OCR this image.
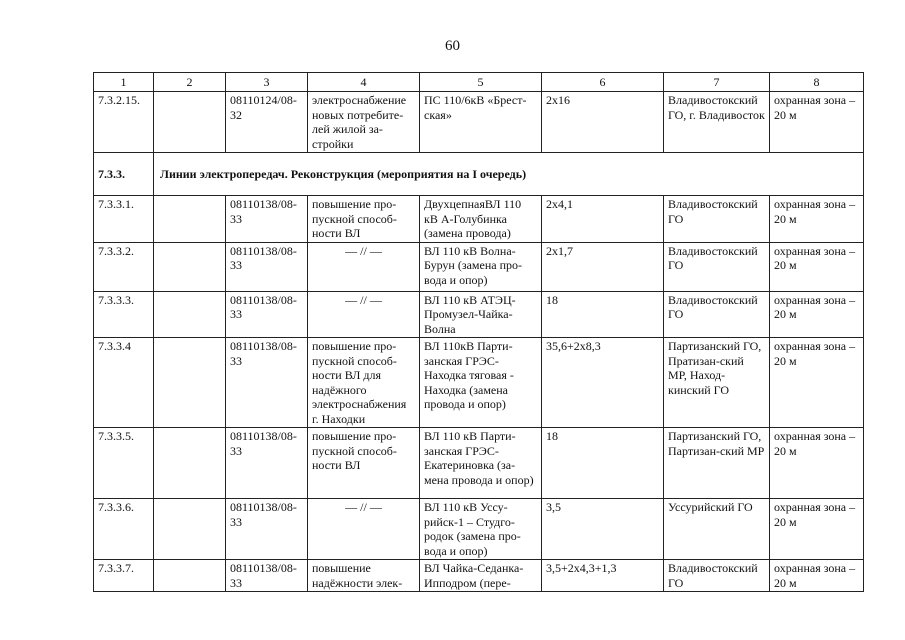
60
1	2	3	4	5	6	7	8
7.3.2.15.		08110124/08-32	электроснабжение новых потребите-лей жилой за-стройки	ПС 110/6кВ «Брест-ская»	2x16	Владивостокский ГО, г. Владивосток	охранная зона – 20 м
7.3.3.	Линии электропередач. Реконструкция (мероприятия на I очередь)						
7.3.3.1.		08110138/08-33	повышение про-пускной способ-ности ВЛ	ДвухцепнаяВЛ 110 кВ А-Голубинка (замена провода)	2x4,1	Владивостокский ГО	охранная зона – 20 м
7.3.3.2.		08110138/08-33	— // —	ВЛ 110 кВ Волна-Бурун (замена про-вода и опор)	2x1,7	Владивостокский ГО	охранная зона – 20 м
7.3.3.3.		08110138/08-33	— // —	ВЛ 110 кВ АТЭЦ-Промузел-Чайка-Волна	18	Владивостокский ГО	охранная зона – 20 м
7.3.3.4		08110138/08-33	повышение про-пускной способ-ности ВЛ для надёжного электроснабжения г. Находки	ВЛ 110кВ Парти-занская ГРЭС-Находка тяговая - Находка (замена провода и опор)	35,6+2x8,3	Партизанский ГО, Пратизан-ский МР, Наход-кинский ГО	охранная зона – 20 м
7.3.3.5.		08110138/08-33	повышение про-пускной способ-ности ВЛ	ВЛ 110 кВ Парти-занская ГРЭС-Екатериновка (за-мена провода и опор)	18	Партизанский ГО, Партизан-ский МР	охранная зона – 20 м
7.3.3.6.		08110138/08-33	— // —	ВЛ 110 кВ Уссу-рийск-1 – Студго-родок (замена про-вода и опор)	3,5	Уссурийский ГО	охранная зона – 20 м
7.3.3.7.		08110138/08-33	повышение надёжности элек-	ВЛ Чайка-Седанка-Ипподром (пере-	3,5+2x4,3+1,3	Владивостокский ГО	охранная зона – 20 м
